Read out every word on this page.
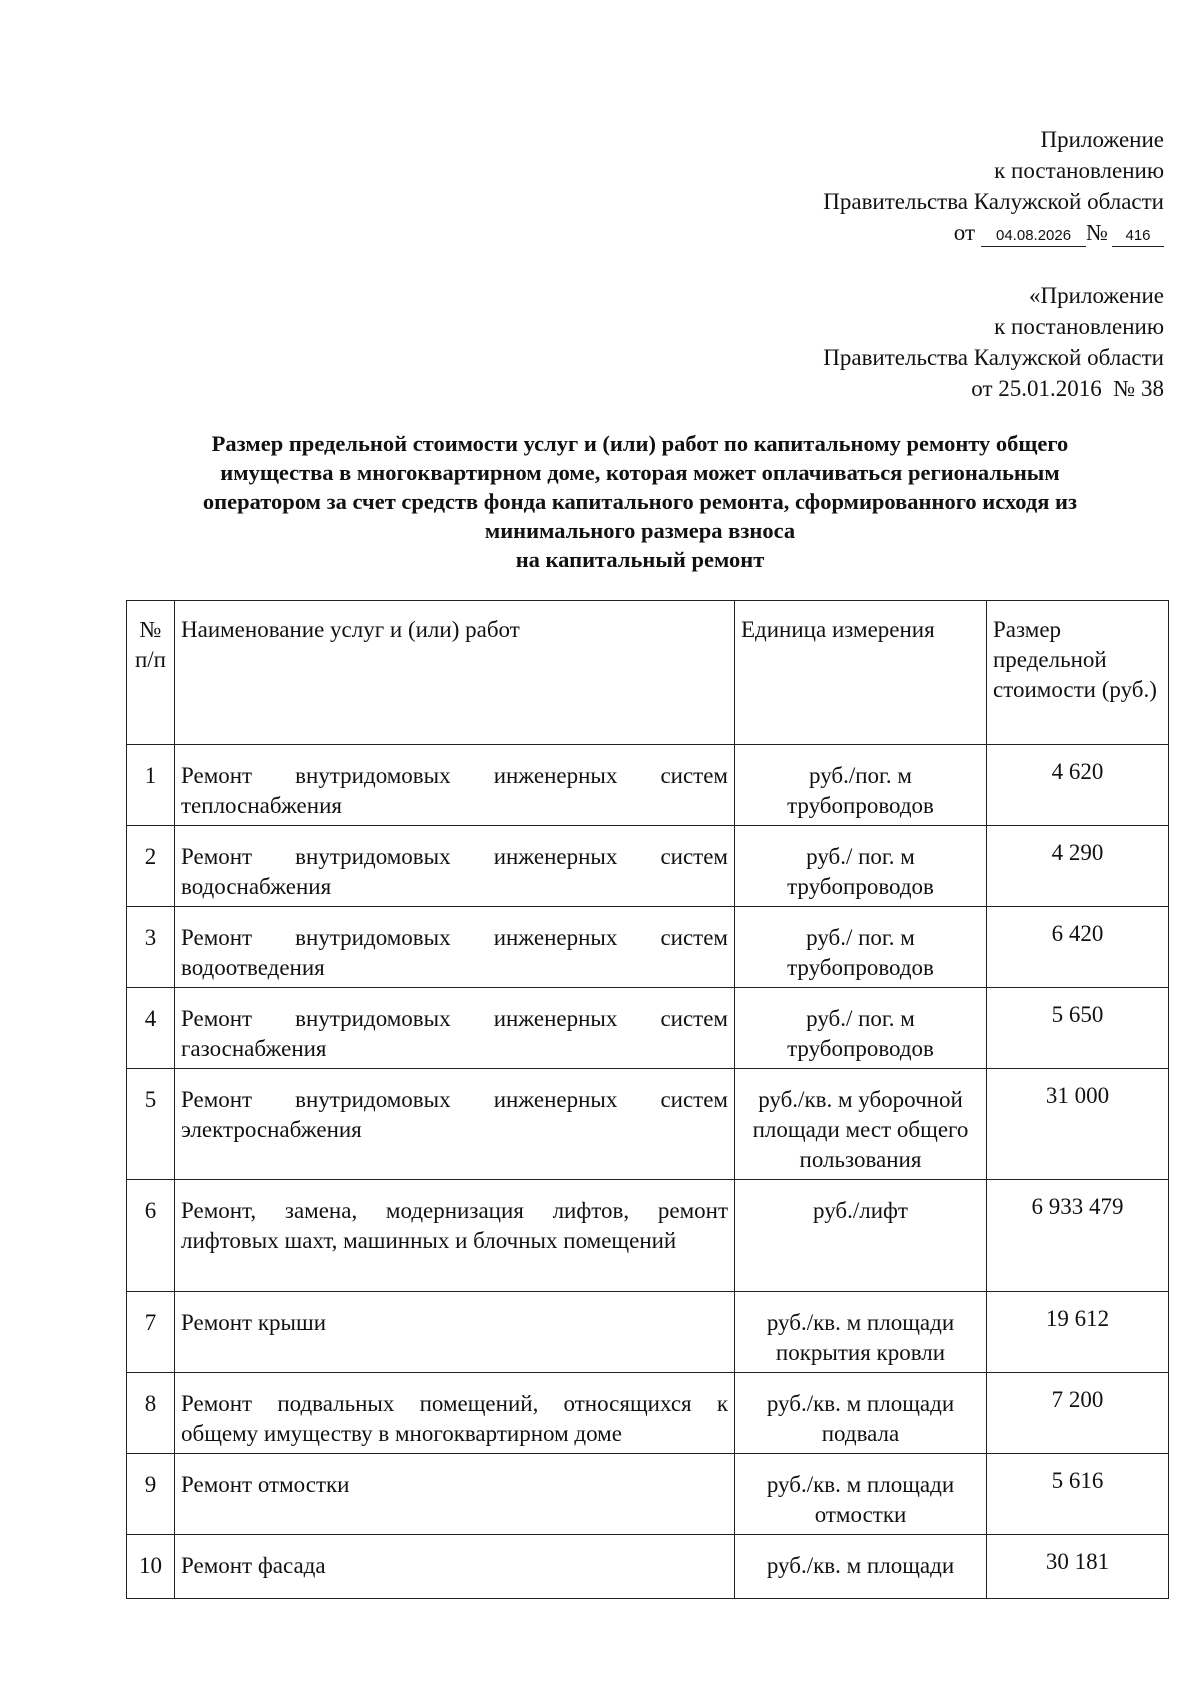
Приложение
к постановлению
Правительства Калужской области
от 04.08.2026 № 416
«Приложение
к постановлению
Правительства Калужской области
от 25.01.2016  № 38
Размер предельной стоимости услуг и (или) работ по капитальному ремонту общего
имущества в многоквартирном доме, которая может оплачиваться региональным
оператором за счет средств фонда капитального ремонта, сформированного исходя из
минимального размера взноса
на капитальный ремонт
№ п/п	Наименование услуг и (или) работ	Единица измерения	Размер предельной стоимости (руб.)
1	Ремонт внутридомовых инженерных систем теплоснабжения	руб./пог. м трубопроводов	4 620
2	Ремонт внутридомовых инженерных систем водоснабжения	руб./ пог. м трубопроводов	4 290
3	Ремонт внутридомовых инженерных систем водоотведения	руб./ пог. м трубопроводов	6 420
4	Ремонт внутридомовых инженерных систем газоснабжения	руб./ пог. м трубопроводов	5 650
5	Ремонт внутридомовых инженерных систем электроснабжения	руб./кв. м уборочной площади мест общего пользования	31 000
6	Ремонт, замена, модернизация лифтов, ремонт лифтовых шахт, машинных и блочных помещений	руб./лифт	6 933 479
7	Ремонт крыши	руб./кв. м площади покрытия кровли	19 612
8	Ремонт подвальных помещений, относящихся к общему имуществу в многоквартирном доме	руб./кв. м площади подвала	7 200
9	Ремонт отмостки	руб./кв. м площади отмостки	5 616
10	Ремонт фасада	руб./кв. м площади	30 181
